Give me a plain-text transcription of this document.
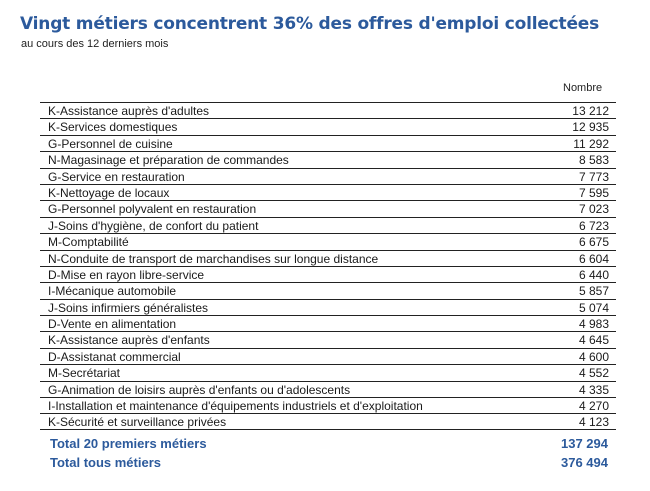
Vingt métiers concentrent 36% des offres d'emploi collectées
au cours des 12 derniers mois
Nombre
K-Assistance auprès d'adultes	13 212
K-Services domestiques	12 935
G-Personnel de cuisine	11 292
N-Magasinage et préparation de commandes	8 583
G-Service en restauration	7 773
K-Nettoyage de locaux	7 595
G-Personnel polyvalent en restauration	7 023
J-Soins d'hygiène, de confort du patient	6 723
M-Comptabilité	6 675
N-Conduite de transport de marchandises sur longue distance	6 604
D-Mise en rayon libre-service	6 440
I-Mécanique automobile	5 857
J-Soins infirmiers généralistes	5 074
D-Vente en alimentation	4 983
K-Assistance auprès d'enfants	4 645
D-Assistanat commercial	4 600
M-Secrétariat	4 552
G-Animation de loisirs auprès d'enfants ou d'adolescents	4 335
I-Installation et maintenance d'équipements industriels et d'exploitation	4 270
K-Sécurité et surveillance privées	4 123
Total 20 premiers métiers	137 294
Total tous métiers	376 494
